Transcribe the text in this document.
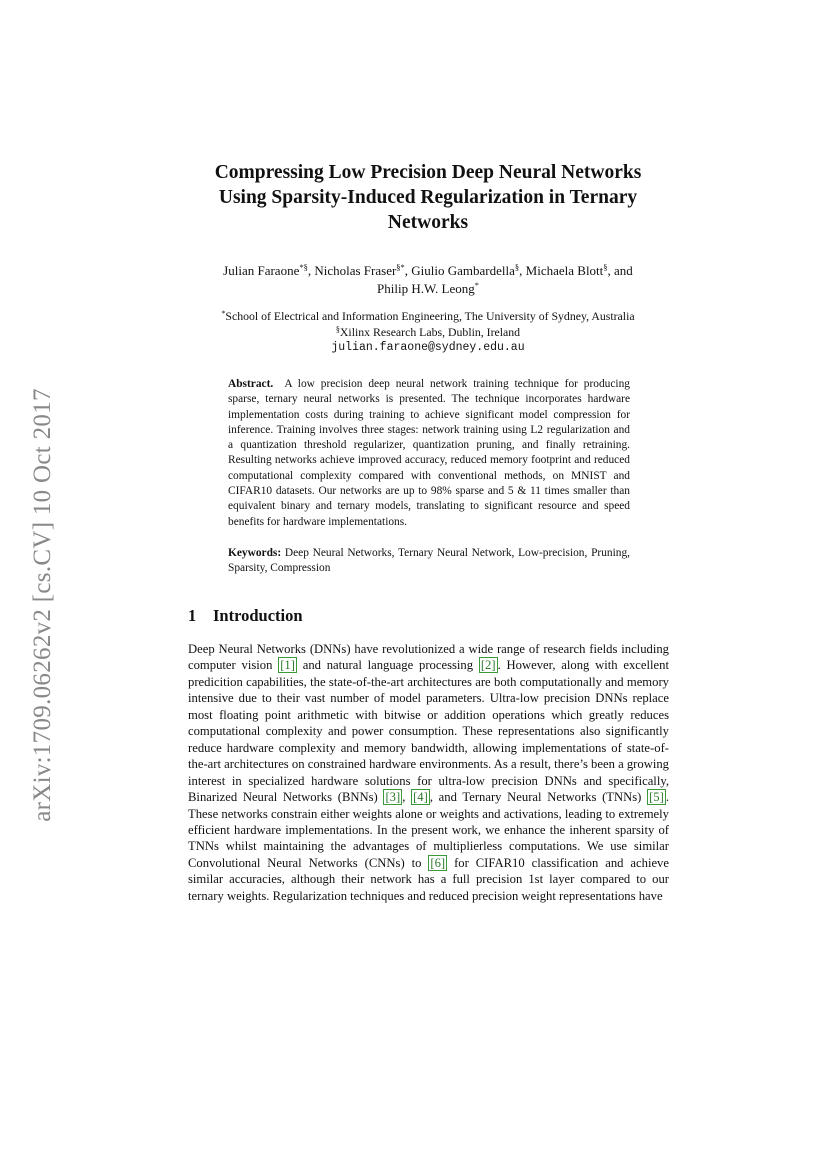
arXiv:1709.06262v2 [cs.CV] 10 Oct 2017
Compressing Low Precision Deep Neural Networks
Using Sparsity-Induced Regularization in Ternary
Networks
Julian Faraone*§, Nicholas Fraser§*, Giulio Gambardella§, Michaela Blott§, and
Philip H.W. Leong*
*School of Electrical and Information Engineering, The University of Sydney, Australia
§Xilinx Research Labs, Dublin, Ireland
julian.faraone@sydney.edu.au
Abstract. A low precision deep neural network training technique for producing sparse, ternary neural networks is presented. The technique incorporates hardware implementation costs during training to achieve significant model compression for inference. Training involves three stages: network training using L2 regularization and a quantization threshold regularizer, quantization pruning, and finally retraining. Resulting networks achieve improved accuracy, reduced memory footprint and reduced computational complexity compared with conventional methods, on MNIST and CIFAR10 datasets. Our networks are up to 98% sparse and 5 & 11 times smaller than equivalent binary and ternary models, translating to significant resource and speed benefits for hardware implementations.
Keywords: Deep Neural Networks, Ternary Neural Network, Low-precision, Pruning, Sparsity, Compression
1 Introduction
Deep Neural Networks (DNNs) have revolutionized a wide range of research fields including computer vision [1] and natural language processing [2] . However, along with excellent predicition capabilities, the state-of-the-art architectures are both computationally and memory intensive due to their vast number of model parameters. Ultra-low precision DNNs replace most floating point arithmetic with bitwise or addition operations which greatly reduces computational complexity and power consumption. These representations also significantly reduce hardware complexity and memory bandwidth, allowing implementations of state-of-the-art architectures on constrained hardware environments. As a result, there’s been a growing interest in specialized hardware solutions for ultra-low precision DNNs and specifically, Binarized Neural Networks (BNNs) [3] , [4] , and Ternary Neural Networks (TNNs) [5] . These networks constrain either weights alone or weights and activations, leading to extremely efficient hardware implementations. In the present work, we enhance the inherent sparsity of TNNs whilst maintaining the advantages of multiplierless computations. We use similar Convolutional Neural Networks (CNNs) to [6] for CIFAR10 classification and achieve similar accuracies, although their network has a full precision 1st layer compared to our ternary weights. Regularization techniques and reduced precision weight representations have
